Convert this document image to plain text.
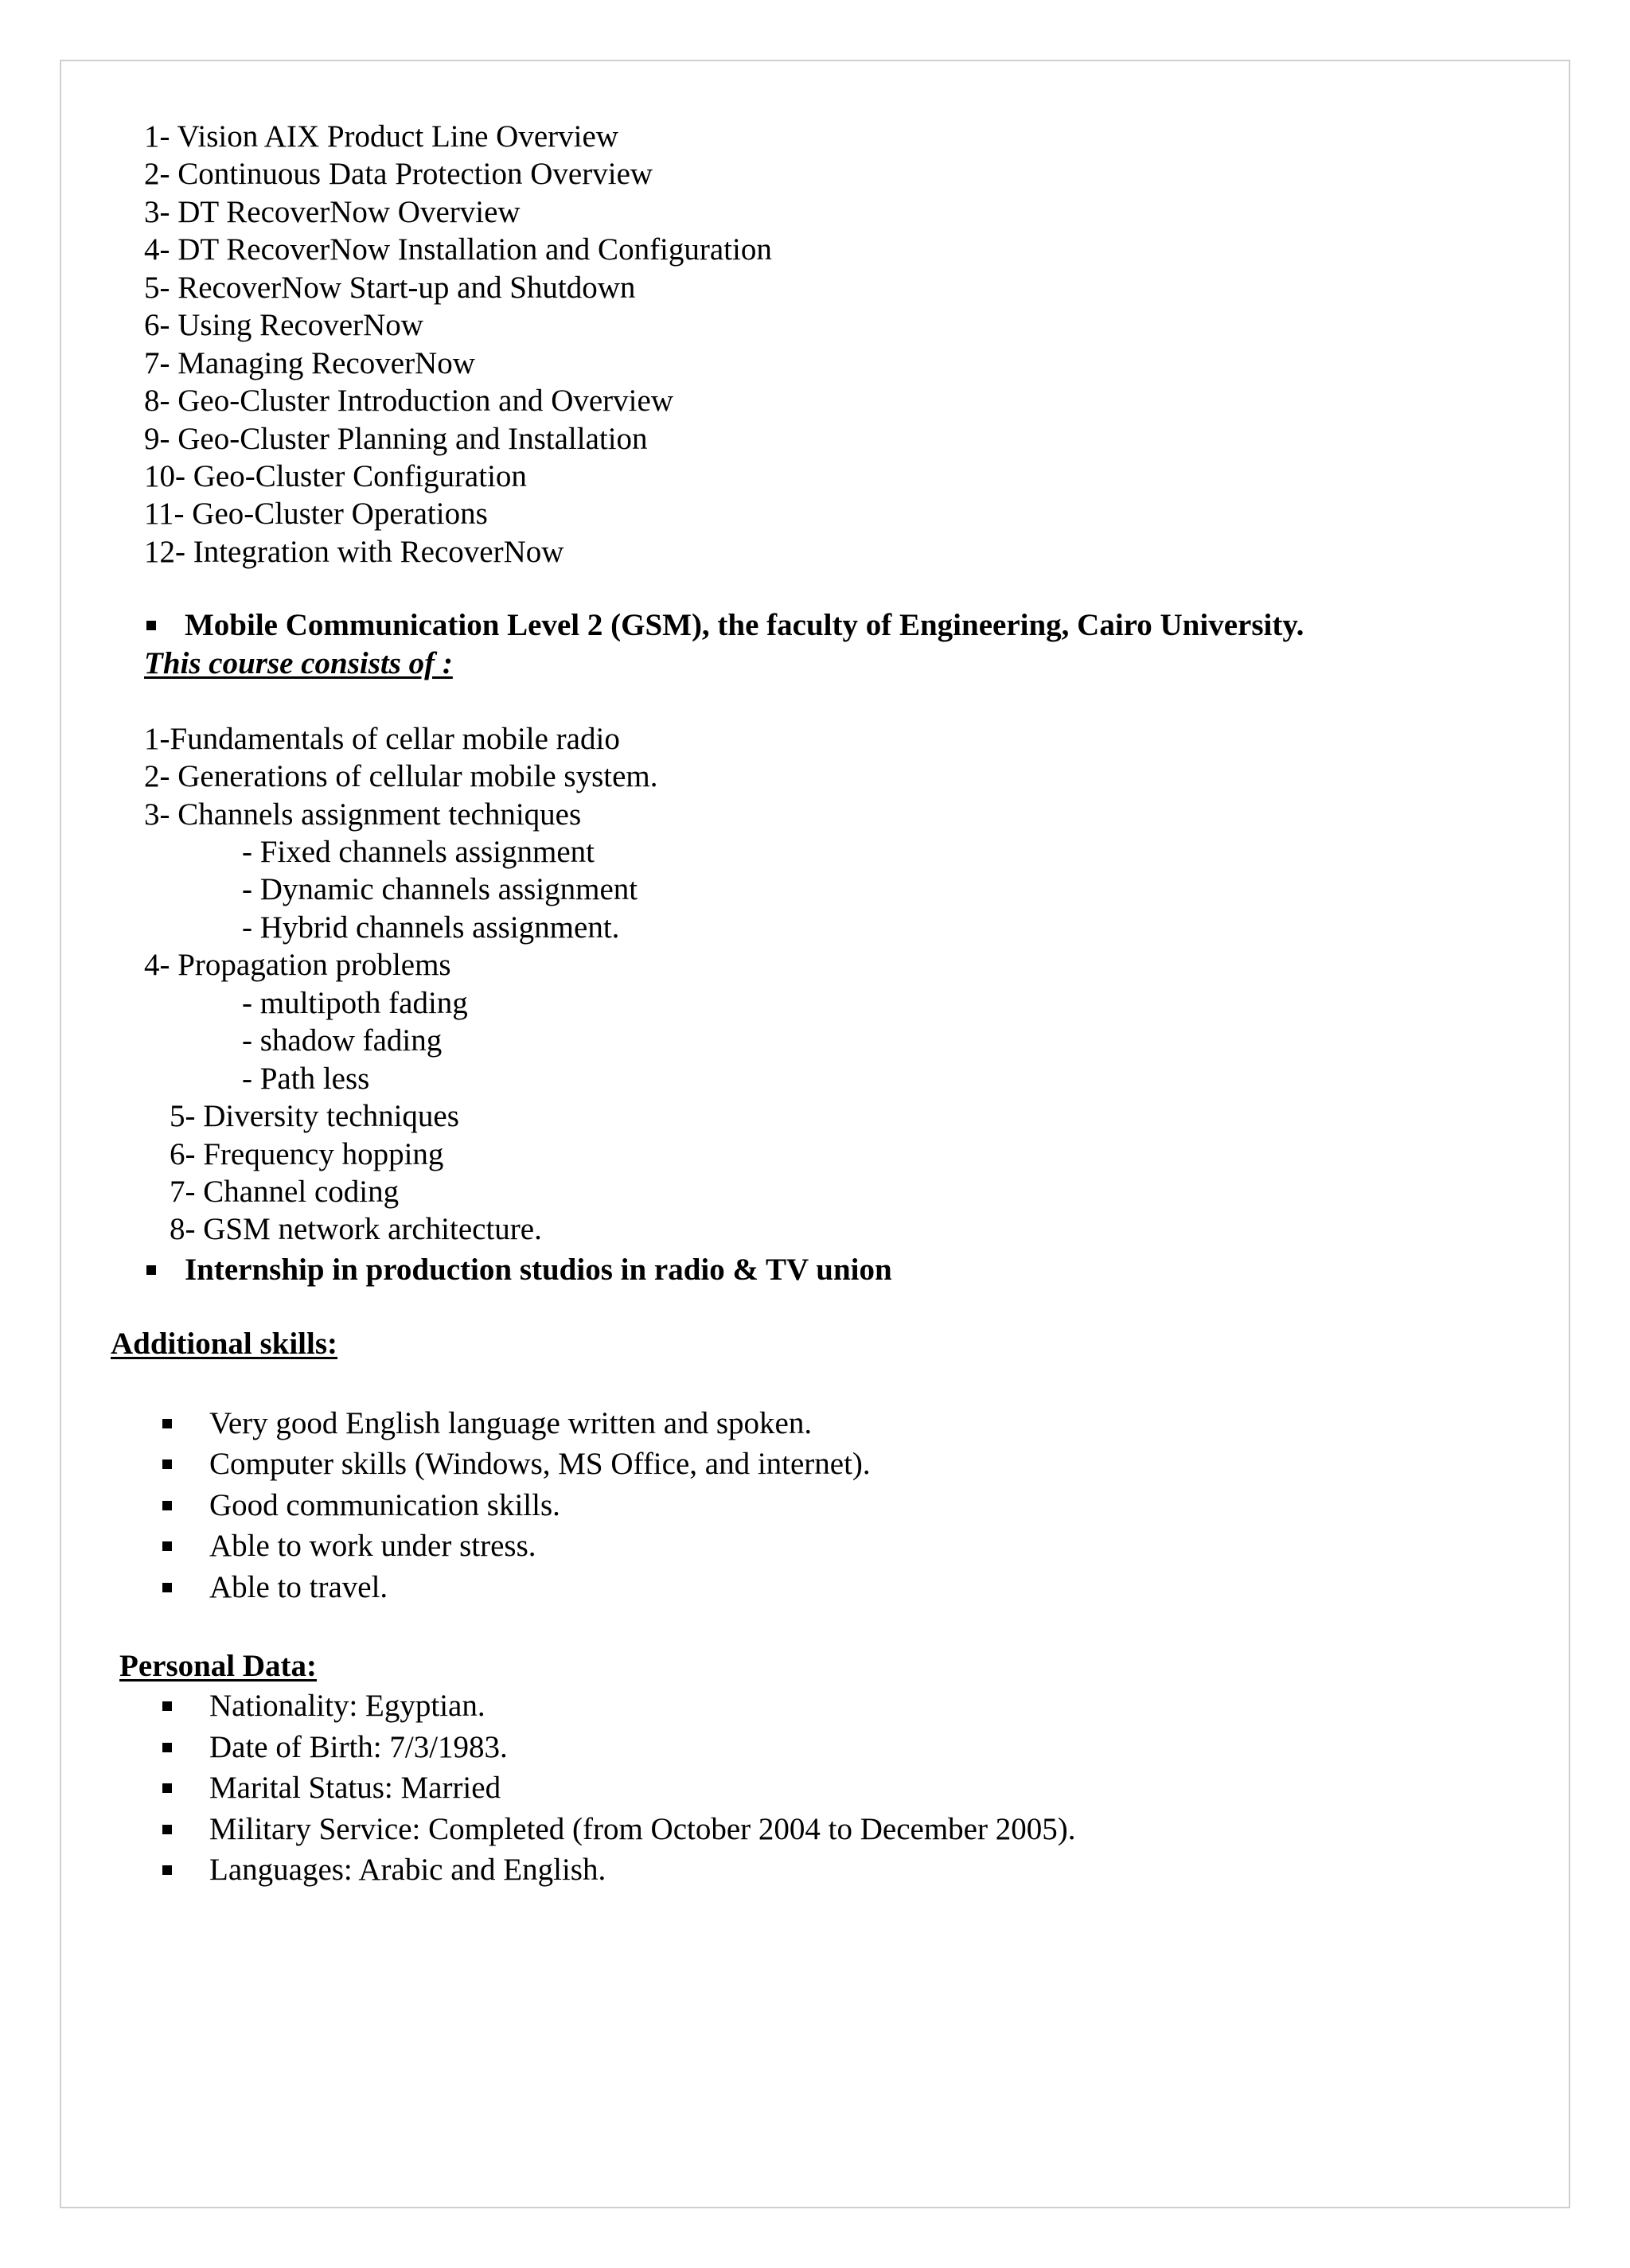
1- Vision AIX Product Line Overview
2- Continuous Data Protection Overview
3- DT RecoverNow Overview
4- DT RecoverNow Installation and Configuration
5- RecoverNow Start-up and Shutdown
6- Using RecoverNow
7- Managing RecoverNow
8- Geo-Cluster Introduction and Overview
9- Geo-Cluster Planning and Installation
10- Geo-Cluster Configuration
11- Geo-Cluster Operations
12- Integration with RecoverNow
Mobile Communication Level 2 (GSM), the faculty of Engineering, Cairo University.
This course consists of :
1-Fundamentals of cellar mobile radio
2- Generations of cellular mobile system.
3- Channels assignment techniques
- Fixed channels assignment
- Dynamic channels assignment
- Hybrid channels assignment.
4- Propagation problems
- multipoth fading
- shadow fading
- Path less
5- Diversity techniques
6- Frequency hopping
7- Channel coding
8- GSM network architecture.
Internship in production studios in radio & TV union
Additional skills:
Very good English language written and spoken.
Computer skills (Windows, MS Office, and internet).
Good communication skills.
Able to work under stress.
Able to travel.
Personal Data:
Nationality: Egyptian.
Date of Birth: 7/3/1983.
Marital Status: Married
Military Service: Completed (from October 2004 to December 2005).
Languages: Arabic and English.
